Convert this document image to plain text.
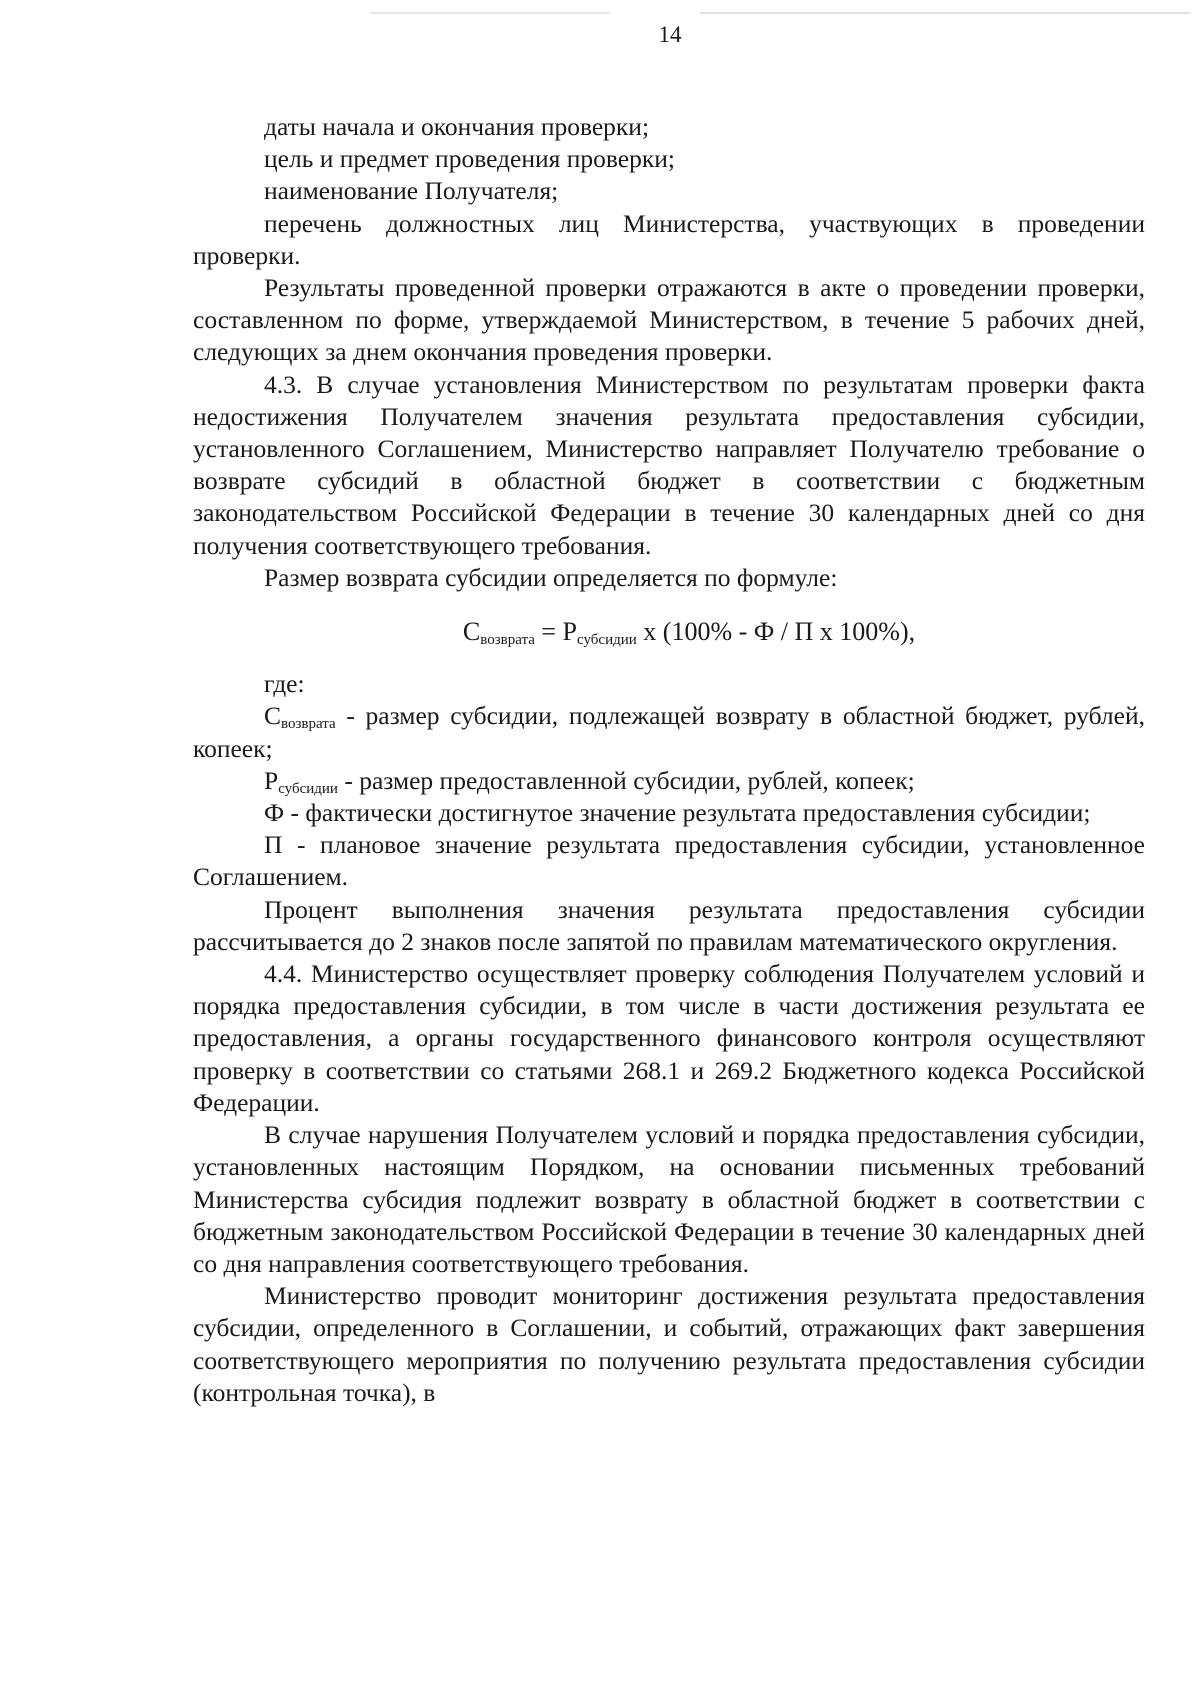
14

даты начала и окончания проверки;

цель и предмет проведения проверки;

наименование Получателя;

перечень должностных лиц Министерства, участвующих в проведении проверки.

Результаты проведенной проверки отражаются в акте о проведении проверки, составленном по форме, утверждаемой Министерством, в течение 5 рабочих дней, следующих за днем окончания проведения проверки.

4.3. В случае установления Министерством по результатам проверки факта недостижения Получателем значения результата предоставления субсидии, установленного Соглашением, Министерство направляет Получателю требование о возврате субсидий в областной бюджет в соответствии с бюджетным законодательством Российской Федерации в течение 30 календарных дней со дня получения соответствующего требования.

Размер возврата субсидии определяется по формуле:

$С_{возврата} = Р_{субсидии}$ х (100% - Ф / П х 100%),

где:

$С_{возврата}$ - размер субсидии, подлежащей возврату в областной бюджет, рублей, копеек;

$Р_{субсидии}$ - размер предоставленной субсидии, рублей, копеек;

Ф - фактически достигнутое значение результата предоставления субсидии;

П - плановое значение результата предоставления субсидии, установленное Соглашением.

Процент выполнения значения результата предоставления субсидии рассчитывается до 2 знаков после запятой по правилам математического округления.

4.4. Министерство осуществляет проверку соблюдения Получателем условий и порядка предоставления субсидии, в том числе в части достижения результата ее предоставления, а органы государственного финансового контроля осуществляют проверку в соответствии со статьями 268.1 и 269.2 Бюджетного кодекса Российской Федерации.

В случае нарушения Получателем условий и порядка предоставления субсидии, установленных настоящим Порядком, на основании письменных требований Министерства субсидия подлежит возврату в областной бюджет в соответствии с бюджетным законодательством Российской Федерации в течение 30 календарных дней со дня направления соответствующего требования.

Министерство проводит мониторинг достижения результата предоставления субсидии, определенного в Соглашении, и событий, отражающих факт завершения соответствующего мероприятия по получению результата предоставления субсидии (контрольная точка), в
